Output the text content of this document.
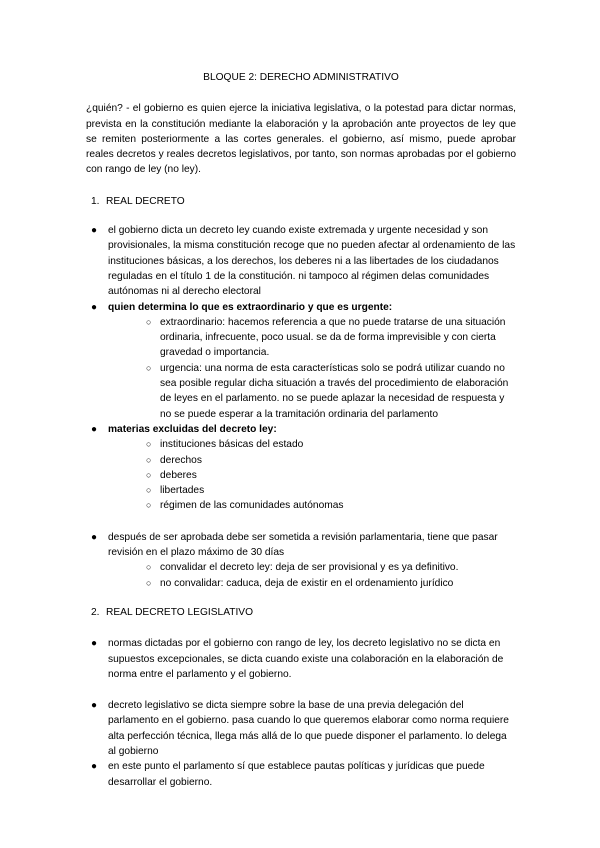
BLOQUE 2: DERECHO ADMINISTRATIVO

¿quién? - el gobierno es quien ejerce la iniciativa legislativa, o la potestad para dictar normas, prevista en la constitución mediante la elaboración y la aprobación ante proyectos de ley que se remiten posteriormente a las cortes generales. el gobierno, así mismo, puede aprobar reales decretos y reales decretos legislativos, por tanto, son normas aprobadas por el gobierno con rango de ley (no ley).

1. REAL DECRETO

● el gobierno dicta un decreto ley cuando existe extremada y urgente necesidad y son provisionales, la misma constitución recoge que no pueden afectar al ordenamiento de las instituciones básicas, a los derechos, los deberes ni a las libertades de los ciudadanos reguladas en el título 1 de la constitución. ni tampoco al régimen delas comunidades autónomas ni al derecho electoral
● quien determina lo que es extraordinario y que es urgente:
○ extraordinario: hacemos referencia a que no puede tratarse de una situación ordinaria, infrecuente, poco usual. se da de forma imprevisible y con cierta gravedad o importancia.
○ urgencia: una norma de esta características solo se podrá utilizar cuando no sea posible regular dicha situación a través del procedimiento de elaboración de leyes en el parlamento. no se puede aplazar la necesidad de respuesta y no se puede esperar a la tramitación ordinaria del parlamento
● materias excluidas del decreto ley:
○ instituciones básicas del estado
○ derechos
○ deberes
○ libertades
○ régimen de las comunidades autónomas
● después de ser aprobada debe ser sometida a revisión parlamentaria, tiene que pasar revisión en el plazo máximo de 30 días
○ convalidar el decreto ley: deja de ser provisional y es ya definitivo.
○ no convalidar: caduca, deja de existir en el ordenamiento jurídico

2. REAL DECRETO LEGISLATIVO

● normas dictadas por el gobierno con rango de ley, los decreto legislativo no se dicta en supuestos excepcionales, se dicta cuando existe una colaboración en la elaboración de norma entre el parlamento y el gobierno.
● decreto legislativo se dicta siempre sobre la base de una previa delegación del parlamento en el gobierno. pasa cuando lo que queremos elaborar como norma requiere alta perfección técnica, llega más allá de lo que puede disponer el parlamento. lo delega al gobierno
● en este punto el parlamento sí que establece pautas políticas y jurídicas que puede desarrollar el gobierno.
